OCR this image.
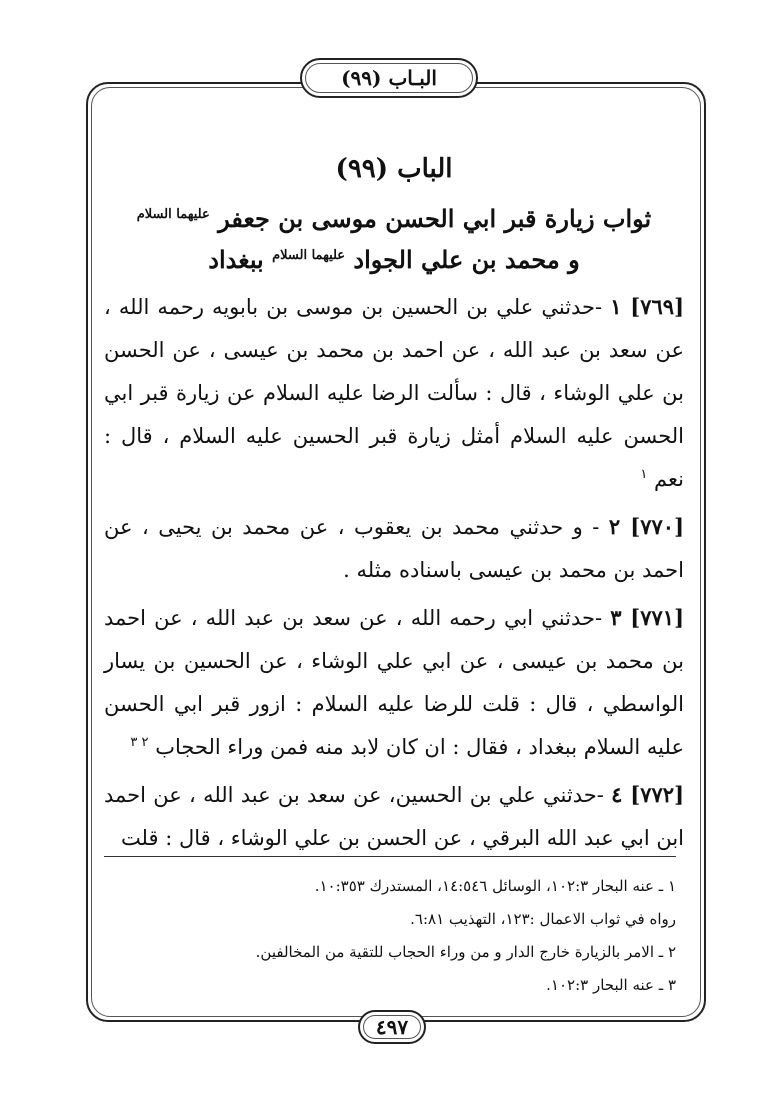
البـاب (٩٩)
الباب (٩٩)
ثواب زيارة قبر ابي الحسن موسى بن جعفر $^{عليهما السلام}$
و محمد بن علي الجواد $^{عليهما السلام}$ ببغداد

[٧٦٩] ١ -حدثني علي بن الحسين بن موسى بن بابويه رحمه الله ، عن سعد بن عبد الله ، عن احمد بن محمد بن عيسى ، عن الحسن بن علي الوشاء ، قال : سألت الرضا عليه السلام عن زيارة قبر ابي الحسن عليه السلام أمثل زيارة قبر الحسين عليه السلام ، قال : نعم $^١$

[٧٧٠] ٢ - و حدثني محمد بن يعقوب ، عن محمد بن يحيى ، عن احمد بن محمد بن عيسى باسناده مثله .

[٧٧١] ٣ -حدثني ابي رحمه الله ، عن سعد بن عبد الله ، عن احمد بن محمد بن عيسى ، عن ابي علي الوشاء ، عن الحسين بن يسار الواسطي ، قال : قلت للرضا عليه السلام : ازور قبر ابي الحسن عليه السلام ببغداد ، فقال : ان كان لابد منه فمن وراء الحجاب $^{٢ ٣}$

[٧٧٢] ٤ -حدثني علي بن الحسين، عن سعد بن عبد الله ، عن احمد ابن ابي عبد الله البرقي ، عن الحسن بن علي الوشاء ، قال : قلت

١ ـ عنه البحار ١٠٢:٣، الوسائل ١٤:٥٤٦، المستدرك ١٠:٣٥٣.
رواه في ثواب الاعمال :١٢٣، التهذيب ٦:٨١.
٢ ـ الامر بالزيارة خارج الدار و من وراء الحجاب للتقية من المخالفين.
٣ ـ عنه البحار ١٠٢:٣.
٤٩٧
